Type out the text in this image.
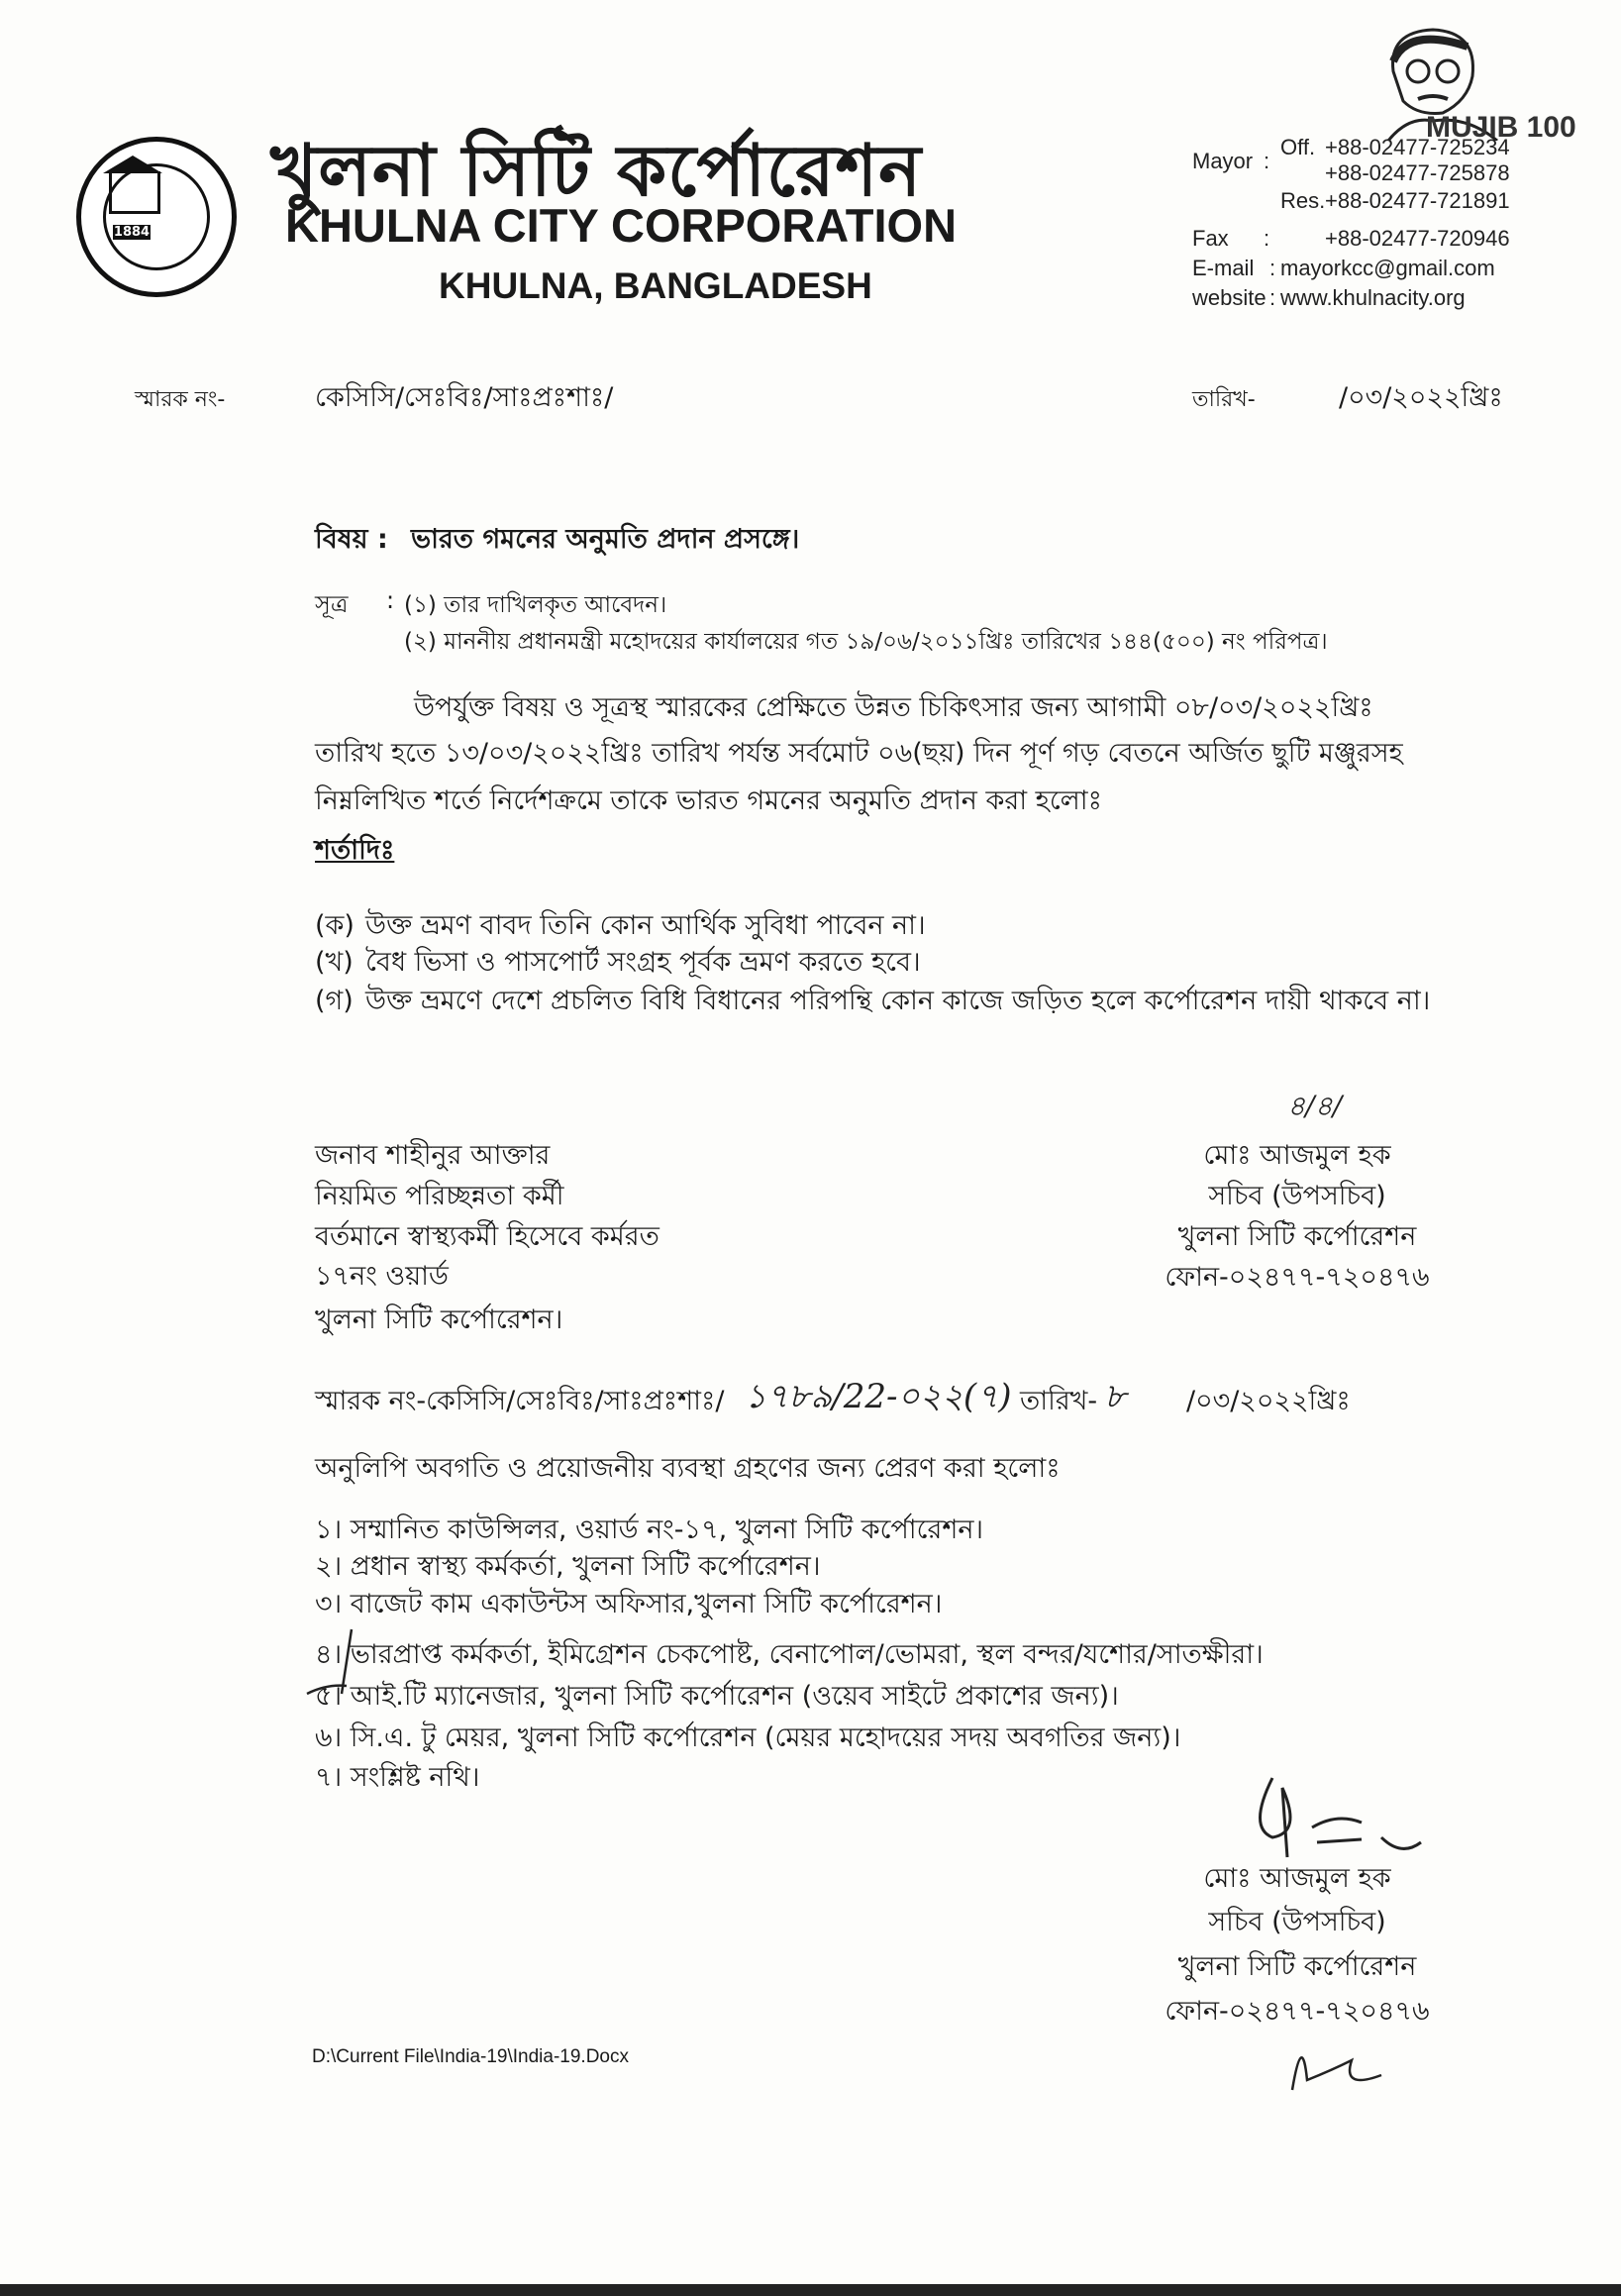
1884
খুলনা সিটি কর্পোরেশন
KHULNA CITY CORPORATION
KHULNA, BANGLADESH
MUJIB 100
Mayor :
Off. +88-02477-725234
+88-02477-725878
Res. +88-02477-721891
Fax :	+88-02477-720946
E-mail : mayorkcc@gmail.com
website : www.khulnacity.org
স্মারক নং-	কেসিসি/সেঃবিঃ/সাঃপ্রঃশাঃ/	তারিখ-	/০৩/২০২২খ্রিঃ
বিষয় : ভারত গমনের অনুমতি প্রদান প্রসঙ্গে।
সূত্র : (১) তার দাখিলকৃত আবেদন।
(২) মাননীয় প্রধানমন্ত্রী মহোদয়ের কার্যালয়ের গত ১৯/০৬/২০১১খ্রিঃ তারিখের ১৪৪(৫০০) নং পরিপত্র।
উপর্যুক্ত বিষয় ও সূত্রস্থ স্মারকের প্রেক্ষিতে উন্নত চিকিৎসার জন্য আগামী ০৮/০৩/২০২২খ্রিঃ
তারিখ হতে ১৩/০৩/২০২২খ্রিঃ তারিখ পর্যন্ত সর্বমোট ০৬(ছয়) দিন পূর্ণ গড় বেতনে অর্জিত ছুটি মঞ্জুরসহ
নিম্নলিখিত শর্তে নির্দেশক্রমে তাকে ভারত গমনের অনুমতি প্রদান করা হলোঃ
শর্তাদিঃ
(ক) উক্ত ভ্রমণ বাবদ তিনি কোন আর্থিক সুবিধা পাবেন না।
(খ) বৈধ ভিসা ও পাসপোর্ট সংগ্রহ পূর্বক ভ্রমণ করতে হবে।
(গ) উক্ত ভ্রমণে দেশে প্রচলিত বিধি বিধানের পরিপন্থি কোন কাজে জড়িত হলে কর্পোরেশন দায়ী থাকবে না।
৪/৪/
জনাব শাহীনুর আক্তার
নিয়মিত পরিচ্ছন্নতা কর্মী
বর্তমানে স্বাস্থ্যকর্মী হিসেবে কর্মরত
১৭নং ওয়ার্ড
খুলনা সিটি কর্পোরেশন।
মোঃ আজমুল হক
সচিব (উপসচিব)
খুলনা সিটি কর্পোরেশন
ফোন-০২৪৭৭-৭২০৪৭৬
স্মারক নং-কেসিসি/সেঃবিঃ/সাঃপ্রঃশাঃ/ ১৭৮৯/22-০২২(৭) তারিখ- ৮ /০৩/২০২২খ্রিঃ
অনুলিপি অবগতি ও প্রয়োজনীয় ব্যবস্থা গ্রহণের জন্য প্রেরণ করা হলোঃ
১। সম্মানিত কাউন্সিলর, ওয়ার্ড নং-১৭, খুলনা সিটি কর্পোরেশন।
২। প্রধান স্বাস্থ্য কর্মকর্তা, খুলনা সিটি কর্পোরেশন।
৩। বাজেট কাম একাউন্টস অফিসার,খুলনা সিটি কর্পোরেশন।
৪। ভারপ্রাপ্ত কর্মকর্তা, ইমিগ্রেশন চেকপোষ্ট, বেনাপোল/ভোমরা, স্থল বন্দর/যশোর/সাতক্ষীরা।
৫। আই.টি ম্যানেজার, খুলনা সিটি কর্পোরেশন (ওয়েব সাইটে প্রকাশের জন্য)।
৬। সি.এ. টু মেয়র, খুলনা সিটি কর্পোরেশন (মেয়র মহোদয়ের সদয় অবগতির জন্য)।
৭। সংশ্লিষ্ট নথি।
মোঃ আজমুল হক
সচিব (উপসচিব)
খুলনা সিটি কর্পোরেশন
ফোন-০২৪৭৭-৭২০৪৭৬
D:\Current File\India-19\India-19.Docx
